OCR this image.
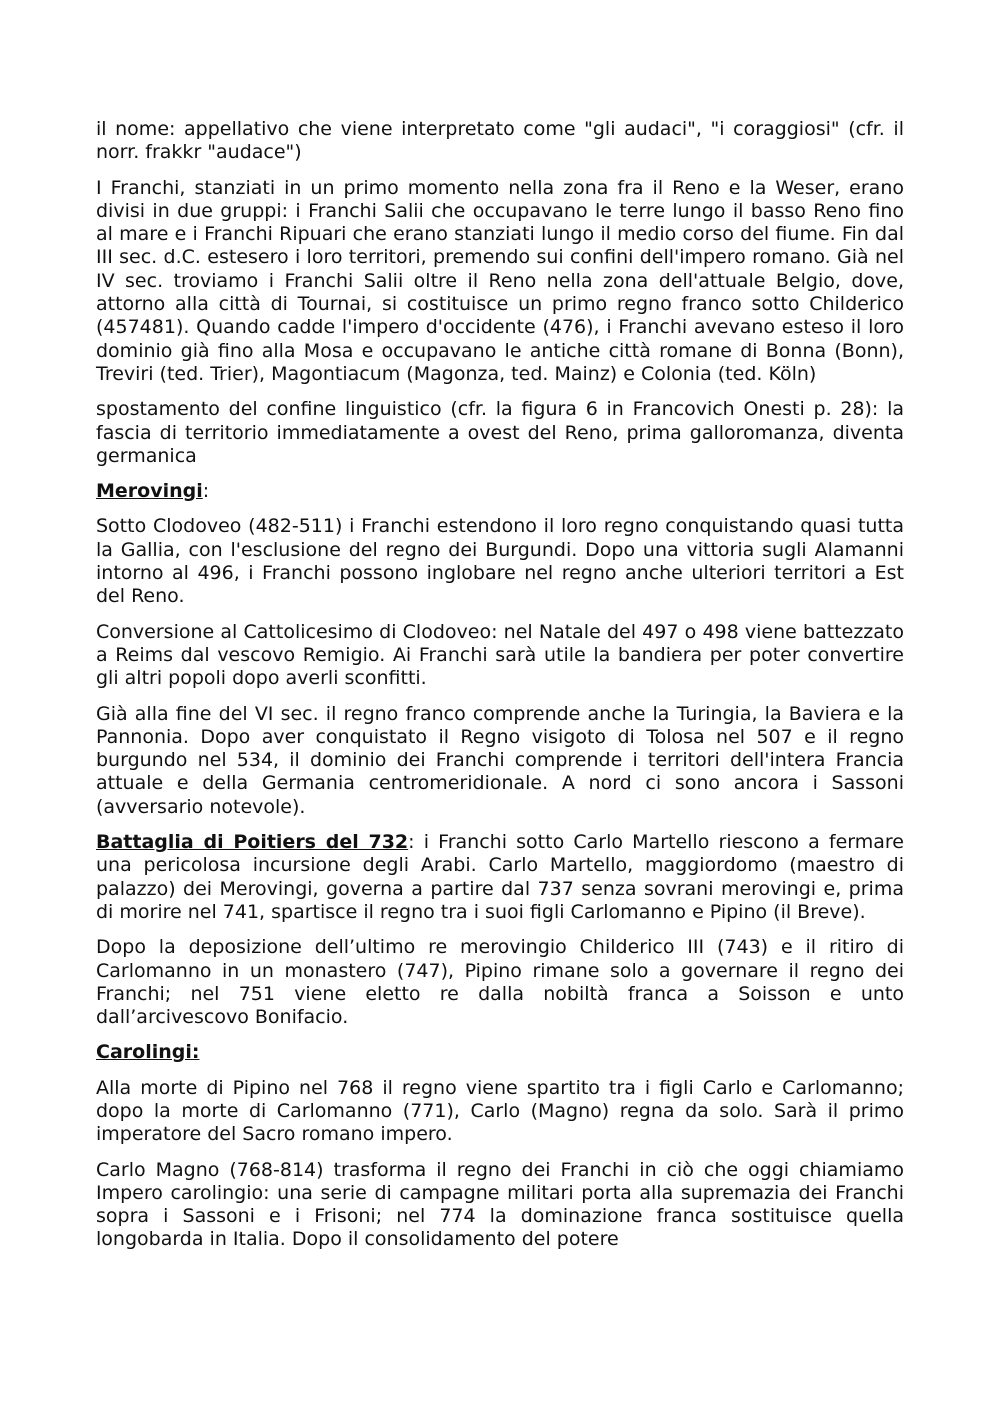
il nome: appellativo che viene interpretato come "gli audaci", "i coraggiosi" (cfr. il norr. frakkr "audace")

I Franchi, stanziati in un primo momento nella zona fra il Reno e la Weser, erano divisi in due gruppi: i Franchi Salii che occupavano le terre lungo il basso Reno fino al mare e i Franchi Ripuari che erano stanziati lungo il medio corso del fiume. Fin dal III sec. d.C. estesero i loro territori, premendo sui confini dell'impero romano. Già nel IV sec. troviamo i Franchi Salii oltre il Reno nella zona dell'attuale Belgio, dove, attorno alla città di Tournai, si costituisce un primo regno franco sotto Childerico (457481). Quando cadde l'impero d'occidente (476), i Franchi avevano esteso il loro dominio già fino alla Mosa e occupavano le antiche città romane di Bonna (Bonn), Treviri (ted. Trier), Magontiacum (Magonza, ted. Mainz) e Colonia (ted. Köln)

spostamento del confine linguistico (cfr. la figura 6 in Francovich Onesti p. 28): la fascia di territorio immediatamente a ovest del Reno, prima galloromanza, diventa germanica

Merovingi:

Sotto Clodoveo (482-511) i Franchi estendono il loro regno conquistando quasi tutta la Gallia, con l'esclusione del regno dei Burgundi. Dopo una vittoria sugli Alamanni intorno al 496, i Franchi possono inglobare nel regno anche ulteriori territori a Est del Reno.

Conversione al Cattolicesimo di Clodoveo: nel Natale del 497 o 498 viene battezzato a Reims dal vescovo Remigio. Ai Franchi sarà utile la bandiera per poter convertire gli altri popoli dopo averli sconfitti.

Già alla fine del VI sec. il regno franco comprende anche la Turingia, la Baviera e la Pannonia. Dopo aver conquistato il Regno visigoto di Tolosa nel 507 e il regno burgundo nel 534, il dominio dei Franchi comprende i territori dell'intera Francia attuale e della Germania centromeridionale. A nord ci sono ancora i Sassoni (avversario notevole).

Battaglia di Poitiers del 732: i Franchi sotto Carlo Martello riescono a fermare una pericolosa incursione degli Arabi. Carlo Martello, maggiordomo (maestro di palazzo) dei Merovingi, governa a partire dal 737 senza sovrani merovingi e, prima di morire nel 741, spartisce il regno tra i suoi figli Carlomanno e Pipino (il Breve).

Dopo la deposizione dell’ultimo re merovingio Childerico III (743) e il ritiro di Carlomanno in un monastero (747), Pipino rimane solo a governare il regno dei Franchi; nel 751 viene eletto re dalla nobiltà franca a Soisson e unto dall’arcivescovo Bonifacio.

Carolingi:

Alla morte di Pipino nel 768 il regno viene spartito tra i figli Carlo e Carlomanno; dopo la morte di Carlomanno (771), Carlo (Magno) regna da solo. Sarà il primo imperatore del Sacro romano impero.

Carlo Magno (768-814) trasforma il regno dei Franchi in ciò che oggi chiamiamo Impero carolingio: una serie di campagne militari porta alla supremazia dei Franchi sopra i Sassoni e i Frisoni; nel 774 la dominazione franca sostituisce quella longobarda in Italia. Dopo il consolidamento del potere
